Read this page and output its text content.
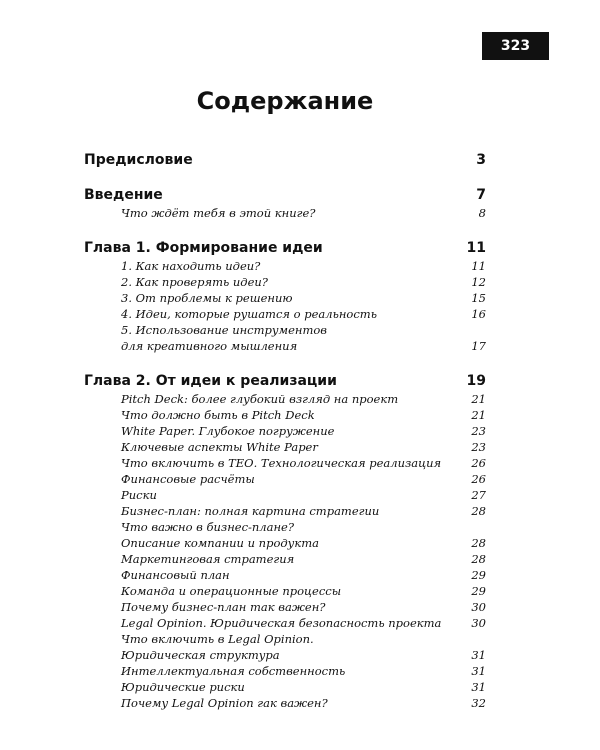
323
Содержание
Предисловие	3
Введение	7
Что ждёт тебя в этой книге?	8
Глава 1. Формирование идеи	11
1. Как находить идеи?	11
2. Как проверять идеи?	12
3. От проблемы к решению	15
4. Идеи, которые рушатся о реальность	16
5. Использование инструментов
для креативного мышления	17
Глава 2. От идеи к реализации	19
Pitch Deck: более глубокий взгляд на проект	21
Что должно быть в Pitch Deck	21
White Paper. Глубокое погружение	23
Ключевые аспекты White Paper	23
Что включить в ТЕО. Технологическая реализация	26
Финансовые расчёты	26
Риски	27
Бизнес-план: полная картина стратегии	28
Что важно в бизнес-плане?
Описание компании и продукта	28
Маркетинговая стратегия	28
Финансовый план	29
Команда и операционные процессы	29
Почему бизнес-план так важен?	30
Legal Opinion. Юридическая безопасность проекта	30
Что включить в Legal Opinion.
Юридическая структура	31
Интеллектуальная собственность	31
Юридические риски	31
Почему Legal Opinion гак важен?	32
